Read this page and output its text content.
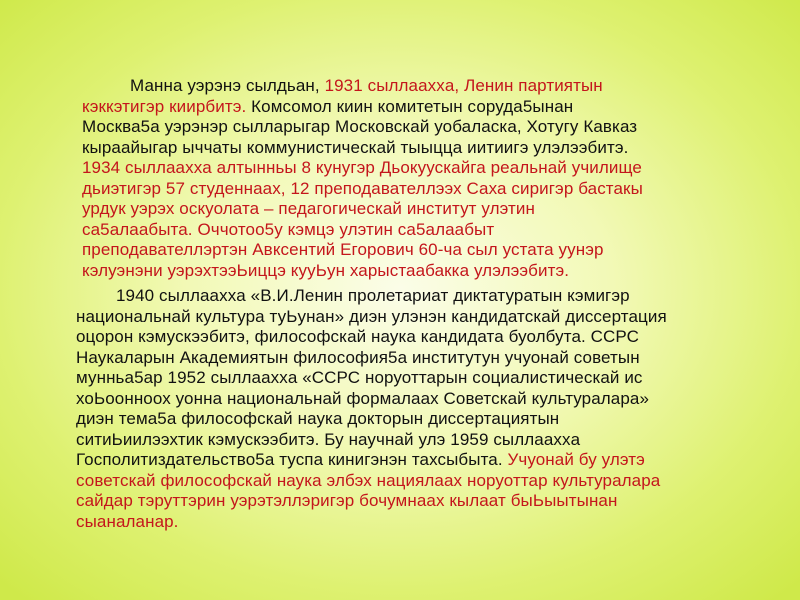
Манна уэрэнэ сылдьан, 1931 сыллааххa, Ленин партиятын
кэккэтигэр киирбитэ. Комсомол киин комитетын соруда5ынан
Москва5а уэрэнэр сылларыгар Московскай уобаласка, Хотугу Кавказ
кыраайыгар ыччаты коммунистическай тыыцца иитиигэ улэлээбитэ.
1934 сыллааххa алтынньы 8 кунугэр Дьокуускайга реальнай училище
дьиэтигэр 57 студеннаах, 12 преподавателлээх Саха сиригэр бастакы
урдук уэрэх оскуолата – педагогическай институт улэтин
са5алаабыта. Оччотоо5у кэмцэ улэтин са5алаабыт
преподавателлэртэн Авксентий Егорович 60-ча сыл устата уунэр
кэлуэнэни уэрэхтээЬиццэ кууЬун харыстаабакка улэлээбитэ.
1940 сыллааххa «В.И.Ленин пролетариат диктатуратын кэмигэр
национальнай культура туЬунан» диэн улэнэн кандидатскай диссертация
оцорон кэмускээбитэ, философскай наука кандидата буолбута. ССРС
Наукаларын Академиятын философия5а институтун учуонай советын
мунньа5ар 1952 сыллааххa «ССРС норуоттарын социалистическай ис
хоЬоонноох уонна национальнай формалаах Советскай культуралара»
диэн тема5а философскай наука докторын диссертациятын
ситиЬиилээхтик кэмускээбитэ. Бу научнай улэ 1959 сыллааххa
Госполитиздательство5а туспа кинигэнэн тахсыбыта. Учуонай бу улэтэ
советскай философскай наука элбэх нациялаах норуоттар культуралара
сайдар тэруттэрин уэрэтэллэригэр бочумнаах кылаат быЬыытынан
сыаналанар.
